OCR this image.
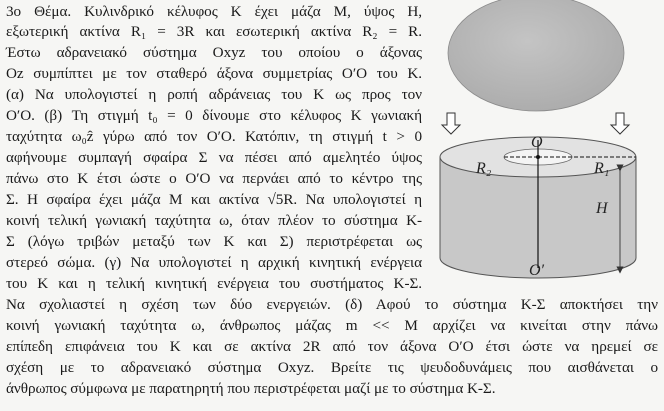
3ο Θέμα. Κυλινδρικό κέλυφος Κ έχει μάζα Μ, ύψος Η,
εξωτερική ακτίνα R₁ = 3R και εσωτερική ακτίνα R₂ = R.
Έστω αδρανειακό σύστημα Oxyz του οποίου ο άξονας
Oz συμπίπτει με τον σταθερό άξονα συμμετρίας O′O του Κ.
(α) Να υπολογιστεί η ροπή αδράνειας του Κ ως προς τον
O′O. (β) Τη στιγμή t₀ = 0 δίνουμε στο κέλυφος Κ γωνιακή
ταχύτητα ω₀ẑ γύρω από τον O′O. Κατόπιν, τη στιγμή t > 0
αφήνουμε συμπαγή σφαίρα Σ να πέσει από αμελητέο ύψος
πάνω στο Κ έτσι ώστε ο O′O να περνάει από το κέντρο της
Σ. Η σφαίρα έχει μάζα Μ και ακτίνα √5R. Να υπολογιστεί η
κοινή τελική γωνιακή ταχύτητα ω, όταν πλέον το σύστημα Κ-
Σ (λόγω τριβών μεταξύ των Κ και Σ) περιστρέφεται ως
στερεό σώμα. (γ) Να υπολογιστεί η αρχική κινητική ενέργεια
του Κ και η τελική κινητική ενέργεια του συστήματος Κ-Σ.
Να σχολιαστεί η σχέση των δύο ενεργειών. (δ) Αφού το σύστημα Κ-Σ αποκτήσει την
κοινή γωνιακή ταχύτητα ω, άνθρωπος μάζας m << M αρχίζει να κινείται στην πάνω
επίπεδη επιφάνεια του Κ και σε ακτίνα 2R από τον άξονα O′O έτσι ώστε να ηρεμεί σε
σχέση με το αδρανειακό σύστημα Oxyz. Βρείτε τις ψευδοδυνάμεις που αισθάνεται ο
άνθρωπος σύμφωνα με παρατηρητή που περιστρέφεται μαζί με το σύστημα Κ-Σ.
O
R₂	R₁
H
O′
